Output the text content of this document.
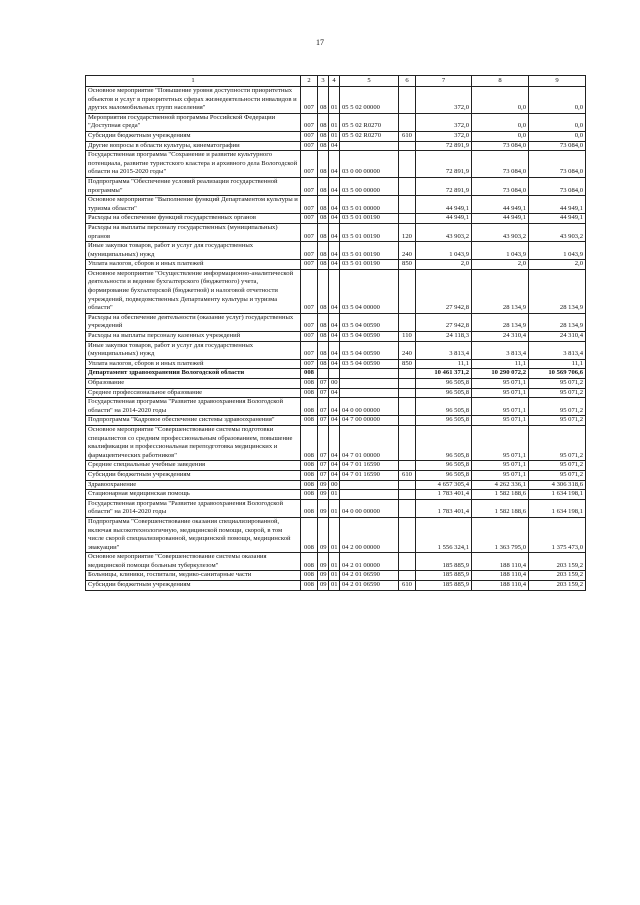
17
1	2	3	4	5	6	7	8	9
Основное мероприятие "Повышение уровня доступности приоритетных объектов и услуг в приоритетных сферах жизнедеятельности инвалидов и других маломобильных групп населения"	007	08	01	05 5 02 00000		372,0	0,0	0,0
Мероприятия государственной программы Российской Федерации "Доступная среда"	007	08	01	05 5 02 R0270		372,0	0,0	0,0
Субсидии бюджетным учреждениям	007	08	01	05 5 02 R0270	610	372,0	0,0	0,0
Другие вопросы в области культуры, кинематографии	007	08	04			72 891,9	73 084,0	73 084,0
Государственная программа "Сохранение и развитие культурного потенциала, развитие туристского кластера и архивного дела Вологодской области на 2015-2020 годы"	007	08	04	03 0 00 00000		72 891,9	73 084,0	73 084,0
Подпрограмма "Обеспечение условий реализации государственной программы"	007	08	04	03 5 00 00000		72 891,9	73 084,0	73 084,0
Основное мероприятие "Выполнение функций Департаментом культуры и туризма области"	007	08	04	03 5 01 00000		44 949,1	44 949,1	44 949,1
Расходы на обеспечение функций государственных органов	007	08	04	03 5 01 00190		44 949,1	44 949,1	44 949,1
Расходы на выплаты персоналу государственных (муниципальных) органов	007	08	04	03 5 01 00190	120	43 903,2	43 903,2	43 903,2
Иные закупки товаров, работ и услуг для государственных (муниципальных) нужд	007	08	04	03 5 01 00190	240	1 043,9	1 043,9	1 043,9
Уплата налогов, сборов и иных платежей	007	08	04	03 5 01 00190	850	2,0	2,0	2,0
Основное мероприятие "Осуществление информационно-аналитической деятельности и ведение бухгалтерского (бюджетного) учета, формирование бухгалтерской (бюджетной) и налоговой отчетности учреждений, подведомственных Департаменту культуры и туризма области"	007	08	04	03 5 04 00000		27 942,8	28 134,9	28 134,9
Расходы на обеспечение деятельности (оказание услуг) государственных учреждений	007	08	04	03 5 04 00590		27 942,8	28 134,9	28 134,9
Расходы на выплаты персоналу казенных учреждений	007	08	04	03 5 04 00590	110	24 118,3	24 310,4	24 310,4
Иные закупки товаров, работ и услуг для государственных (муниципальных) нужд	007	08	04	03 5 04 00590	240	3 813,4	3 813,4	3 813,4
Уплата налогов, сборов и иных платежей	007	08	04	03 5 04 00590	850	11,1	11,1	11,1
Департамент здравоохранения Вологодской области	008					10 461 371,2	10 290 072,2	10 569 706,6
Образование	008	07	00			96 505,8	95 071,1	95 071,2
Среднее профессиональное образование	008	07	04			96 505,8	95 071,1	95 071,2
Государственная программа "Развитие здравоохранения Вологодской области" на 2014-2020 годы	008	07	04	04 0 00 00000		96 505,8	95 071,1	95 071,2
Подпрограмма "Кадровое обеспечение системы здравоохранения"	008	07	04	04 7 00 00000		96 505,8	95 071,1	95 071,2
Основное мероприятие "Совершенствование системы подготовки специалистов со средним профессиональным образованием, повышение квалификации и профессиональная переподготовка медицинских и фармацевтических работников"	008	07	04	04 7 01 00000		96 505,8	95 071,1	95 071,2
Средние специальные учебные заведения	008	07	04	04 7 01 16590		96 505,8	95 071,1	95 071,2
Субсидии бюджетным учреждениям	008	07	04	04 7 01 16590	610	96 505,8	95 071,1	95 071,2
Здравоохранение	008	09	00			4 657 305,4	4 262 336,1	4 306 318,6
Стационарная медицинская помощь	008	09	01			1 783 401,4	1 582 188,6	1 634 198,1
Государственная программа "Развитие здравоохранения Вологодской области" на 2014-2020 годы	008	09	01	04 0 00 00000		1 783 401,4	1 582 188,6	1 634 198,1
Подпрограмма "Совершенствование оказания специализированной, включая высокотехнологичную, медицинской помощи, скорой, в том числе скорой специализированной, медицинской помощи, медицинской эвакуации"	008	09	01	04 2 00 00000		1 556 324,1	1 363 795,0	1 375 473,0
Основное мероприятие "Совершенствование системы оказания медицинской помощи больным туберкулезом"	008	09	01	04 2 01 00000		185 885,9	188 110,4	203 159,2
Больницы, клиники, госпитали, медико-санитарные части	008	09	01	04 2 01 06590		185 885,9	188 110,4	203 159,2
Субсидии бюджетным учреждениям	008	09	01	04 2 01 06590	610	185 885,9	188 110,4	203 159,2
